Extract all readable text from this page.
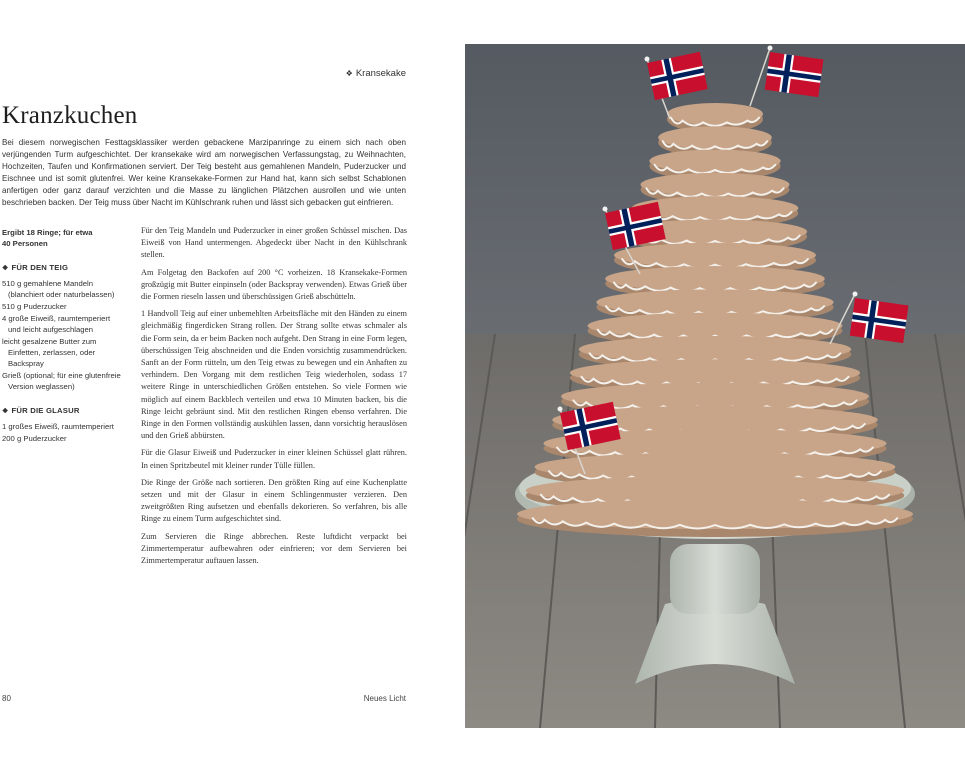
❖ Kransekake
Kranzkuchen

Bei diesem norwegischen Festtagsklassiker werden gebackene Marzipanringe zu einem sich nach oben verjüngenden Turm aufgeschichtet. Der kransekake wird am norwegischen Verfassungstag, zu Weihnachten, Hochzeiten, Taufen und Konfirmationen serviert. Der Teig besteht aus gemahlenen Mandeln, Puderzucker und Eischnee und ist somit glutenfrei. Wer keine Kransekake-Formen zur Hand hat, kann sich selbst Schablonen anfertigen oder ganz darauf verzichten und die Masse zu länglichen Plätzchen ausrollen und wie unten beschrieben backen. Der Teig muss über Nacht im Kühlschrank ruhen und lässt sich gebacken gut einfrieren.

Ergibt 18 Ringe; für etwa
40 Personen
❖ FÜR DEN TEIG
510 g gemahlene Mandeln
(blanchiert oder naturbelassen)
510 g Puderzucker
4 große Eiweiß, raumtemperiert
und leicht aufgeschlagen
leicht gesalzene Butter zum
Einfetten, zerlassen, oder
Backspray
Grieß (optional; für eine glutenfreie
Version weglassen)
❖ FÜR DIE GLASUR
1 großes Eiweiß, raumtemperiert
200 g Puderzucker

Für den Teig Mandeln und Puderzucker in einer großen Schüssel mischen. Das Eiweiß von Hand untermengen. Abgedeckt über Nacht in den Kühlschrank stellen.

Am Folgetag den Backofen auf 200 °C vorheizen. 18 Kransekake-Formen großzügig mit Butter einpinseln (oder Backspray verwenden). Etwas Grieß über die Formen rieseln lassen und überschüssigen Grieß abschütteln.

1 Handvoll Teig auf einer unbemehlten Arbeitsfläche mit den Händen zu einem gleichmäßig fingerdicken Strang rollen. Der Strang sollte etwas schmaler als die Form sein, da er beim Backen noch aufgeht. Den Strang in eine Form legen, überschüssigen Teig abschneiden und die Enden vorsichtig zusammendrücken. Sanft an der Form rütteln, um den Teig etwas zu bewegen und ein Anhaften zu verhindern. Den Vorgang mit dem restlichen Teig wiederholen, sodass 17 weitere Ringe in unterschiedlichen Größen entstehen. So viele Formen wie möglich auf einem Backblech verteilen und etwa 10 Minuten backen, bis die Ringe leicht gebräunt sind. Mit den restlichen Ringen ebenso verfahren. Die Ringe in den Formen vollständig auskühlen lassen, dann vorsichtig herauslösen und den Grieß abbürsten.

Für die Glasur Eiweiß und Puderzucker in einer kleinen Schüssel glatt rühren. In einen Spritzbeutel mit kleiner runder Tülle füllen.

Die Ringe der Größe nach sortieren. Den größten Ring auf eine Kuchenplatte setzen und mit der Glasur in einem Schlingenmuster verzieren. Den zweitgrößten Ring aufsetzen und ebenfalls dekorieren. So verfahren, bis alle Ringe zu einem Turm aufgeschichtet sind.

Zum Servieren die Ringe abbrechen. Reste luftdicht verpackt bei Zimmertemperatur aufbewahren oder einfrieren; vor dem Servieren bei Zimmertemperatur auftauen lassen.

80	Neues Licht
